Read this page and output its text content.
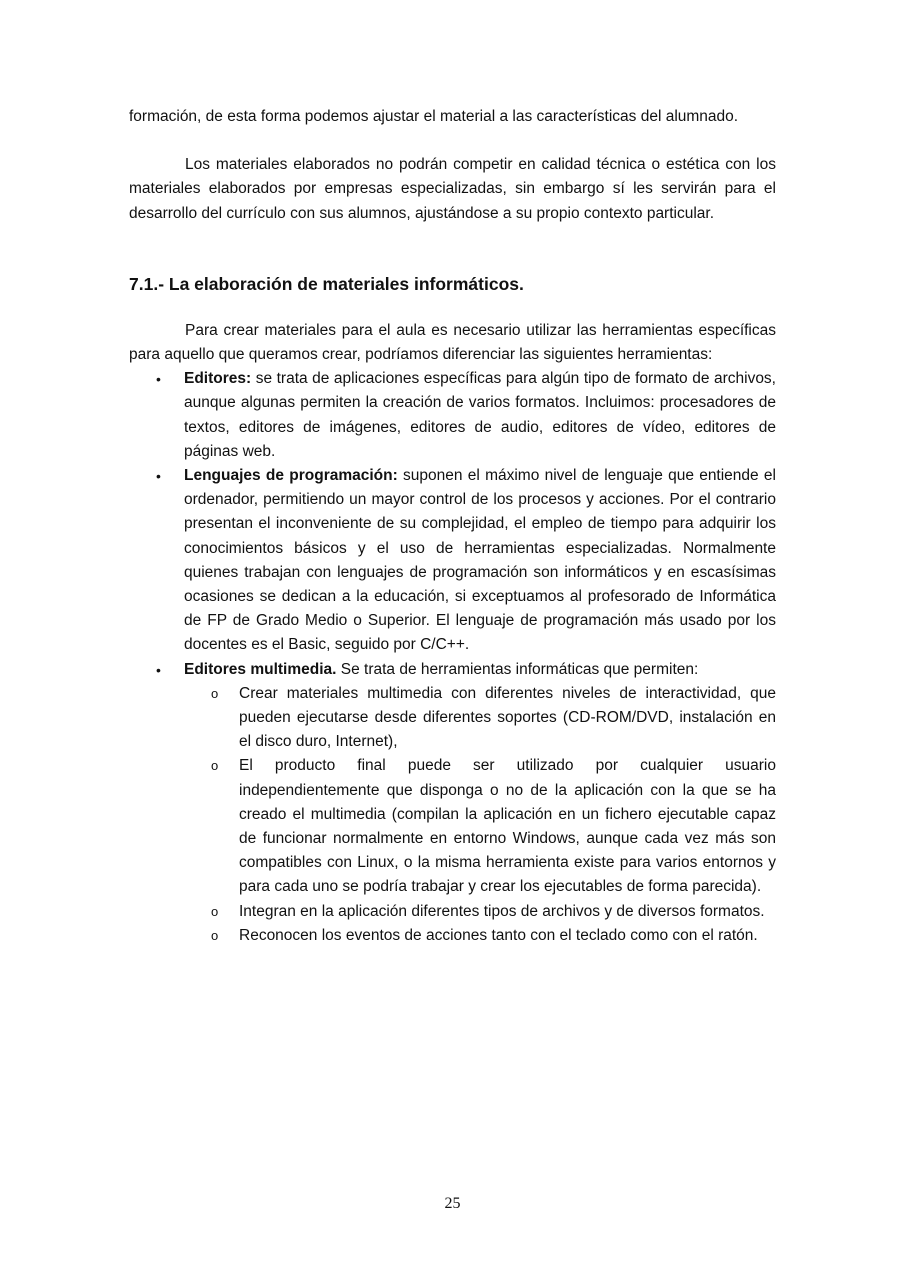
formación, de esta forma podemos ajustar el material a las características del alumnado.

Los materiales elaborados no podrán competir en calidad técnica o estética con los materiales elaborados por empresas especializadas, sin embargo sí les servirán para el desarrollo del currículo con sus alumnos, ajustándose a su propio contexto particular.

7.1.- La elaboración de materiales informáticos.

Para crear materiales para el aula es necesario utilizar las herramientas específicas para aquello que queramos crear, podríamos diferenciar las siguientes herramientas:

• Editores: se trata de aplicaciones específicas para algún tipo de formato de archivos, aunque algunas permiten la creación de varios formatos. Incluimos: procesadores de textos, editores de imágenes, editores de audio, editores de vídeo, editores de páginas web.
• Lenguajes de programación: suponen el máximo nivel de lenguaje que entiende el ordenador, permitiendo un mayor control de los procesos y acciones. Por el contrario presentan el inconveniente de su complejidad, el empleo de tiempo para adquirir los conocimientos básicos y el uso de herramientas especializadas. Normalmente quienes trabajan con lenguajes de programación son informáticos y en escasísimas ocasiones se dedican a la educación, si exceptuamos al profesorado de Informática de FP de Grado Medio o Superior. El lenguaje de programación más usado por los docentes es el Basic, seguido por C/C++.
• Editores multimedia. Se trata de herramientas informáticas que permiten:
o Crear materiales multimedia con diferentes niveles de interactividad, que pueden ejecutarse desde diferentes soportes (CD-ROM/DVD, instalación en el disco duro, Internet),
o El producto final puede ser utilizado por cualquier usuario independientemente que disponga o no de la aplicación con la que se ha creado el multimedia (compilan la aplicación en un fichero ejecutable capaz de funcionar normalmente en entorno Windows, aunque cada vez más son compatibles con Linux, o la misma herramienta existe para varios entornos y para cada uno se podría trabajar y crear los ejecutables de forma parecida).
o Integran en la aplicación diferentes tipos de archivos y de diversos formatos.
o Reconocen los eventos de acciones tanto con el teclado como con el ratón.
25
